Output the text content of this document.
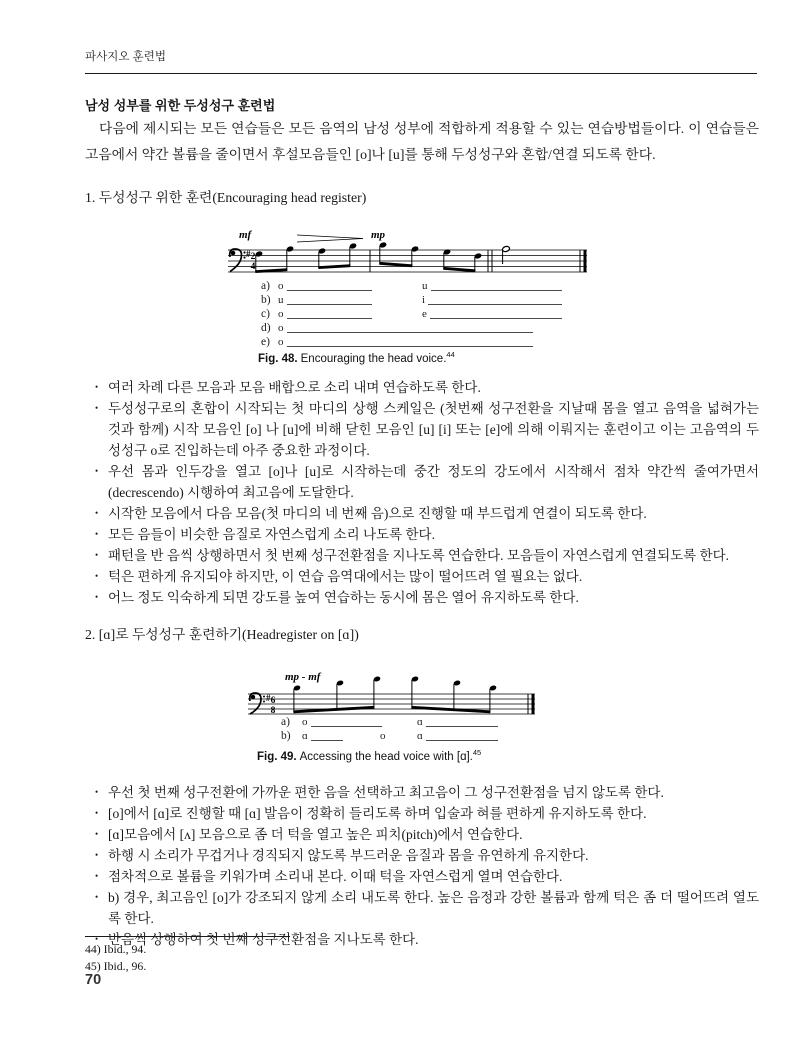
파사지오 훈련법
남성 성부를 위한 두성성구 훈련법
다음에 제시되는 모든 연습들은 모든 음역의 남성 성부에 적합하게 적용할 수 있는 연습방법들이다. 이 연습들은 고음에서 약간 볼륨을 줄이면서 후설모음들인 [o]나 [u]를 통해 두성성구와 혼합/연결 되도록 한다.
1. 두성성구 위한 훈련(Encouraging head register)
# 2
4
mf	mp
a) o	u
b) u	i
c) o	e
d) o
e) o
Fig. 48. Encouraging the head voice.$^{44}$
• 여러 차례 다른 모음과 모음 배합으로 소리 내며 연습하도록 한다.
• 두성성구로의 혼합이 시작되는 첫 마디의 상행 스케일은 (첫번째 성구전환을 지날때 몸을 열고 음역을 넓혀가는 것과 함께) 시작 모음인 [o] 나 [u]에 비해 닫힌 모음인 [u] [i] 또는 [e]에 의해 이뤄지는 훈련이고 이는 고음역의 두성성구 o로 진입하는데 아주 중요한 과정이다.
• 우선 몸과 인두강을 열고 [o]나 [u]로 시작하는데 중간 정도의 강도에서 시작해서 점차 약간씩 줄여가면서(decrescendo) 시행하여 최고음에 도달한다.
• 시작한 모음에서 다음 모음(첫 마디의 네 번째 음)으로 진행할 때 부드럽게 연결이 되도록 한다.
• 모든 음들이 비슷한 음질로 자연스럽게 소리 나도록 한다.
• 패턴을 반 음씩 상행하면서 첫 번째 성구전환점을 지나도록 연습한다. 모음들이 자연스럽게 연결되도록 한다.
• 턱은 편하게 유지되야 하지만, 이 연습 음역대에서는 많이 떨어뜨려 열 필요는 없다.
• 어느 정도 익숙하게 되면 강도를 높여 연습하는 동시에 몸은 열어 유지하도록 한다.
2. [ɑ]로 두성성구 훈련하기(Headregister on [ɑ])
# 6
8
mp - mf
a) o	ɑ
b) ɑ	o	ɑ
Fig. 49. Accessing the head voice with [ɑ].$^{45}$
• 우선 첫 번째 성구전환에 가까운 편한 음을 선택하고 최고음이 그 성구전환점을 넘지 않도록 한다.
• [o]에서 [ɑ]로 진행할 때 [ɑ] 발음이 정확히 들리도록 하며 입술과 혀를 편하게 유지하도록 한다.
• [ɑ]모음에서 [ʌ] 모음으로 좀 더 턱을 열고 높은 피치(pitch)에서 연습한다.
• 하행 시 소리가 무겁거나 경직되지 않도록 부드러운 음질과 몸을 유연하게 유지한다.
• 점차적으로 볼륨을 키워가며 소리내 본다. 이때 턱을 자연스럽게 열며 연습한다.
• b) 경우, 최고음인 [o]가 강조되지 않게 소리 내도록 한다. 높은 음정과 강한 볼륨과 함께 턱은 좀 더 떨어뜨려 열도록 한다.
• 반음씩 상행하여 첫 번째 성구전환점을 지나도록 한다.
44) Ibid., 94.
45) Ibid., 96.
70
